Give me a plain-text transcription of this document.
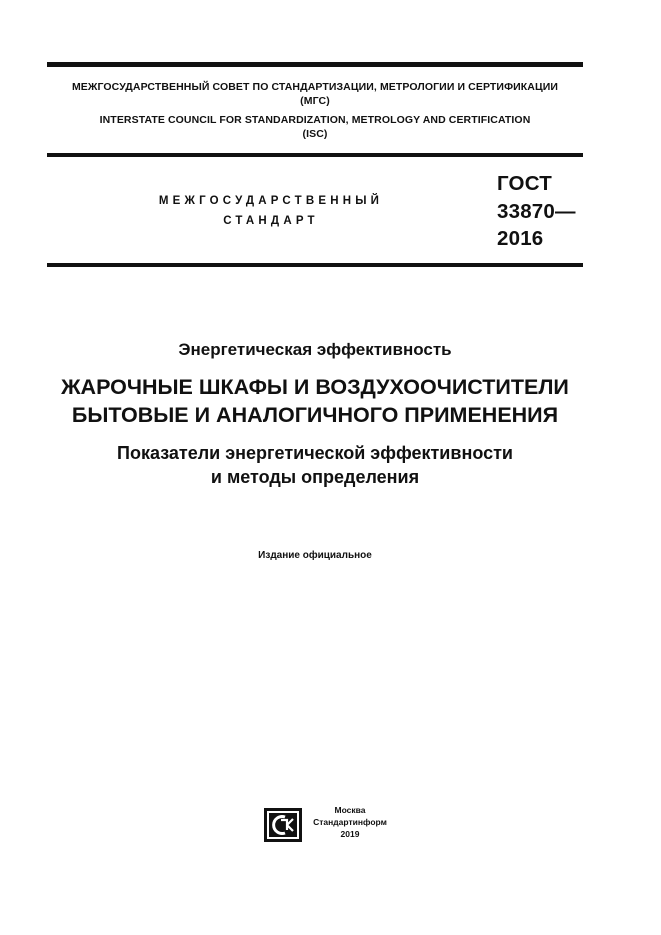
МЕЖГОСУДАРСТВЕННЫЙ СОВЕТ ПО СТАНДАРТИЗАЦИИ, МЕТРОЛОГИИ И СЕРТИФИКАЦИИ
(МГС)
INTERSTATE COUNCIL FOR STANDARDIZATION, METROLOGY AND CERTIFICATION
(ISC)
МЕЖГОСУДАРСТВЕННЫЙ
СТАНДАРТ
ГОСТ
33870—
2016
Энергетическая эффективность
ЖАРОЧНЫЕ ШКАФЫ И ВОЗДУХООЧИСТИТЕЛИ
БЫТОВЫЕ И АНАЛОГИЧНОГО ПРИМЕНЕНИЯ
Показатели энергетической эффективности
и методы определения
Издание официальное
Москва
Стандартинформ
2019
